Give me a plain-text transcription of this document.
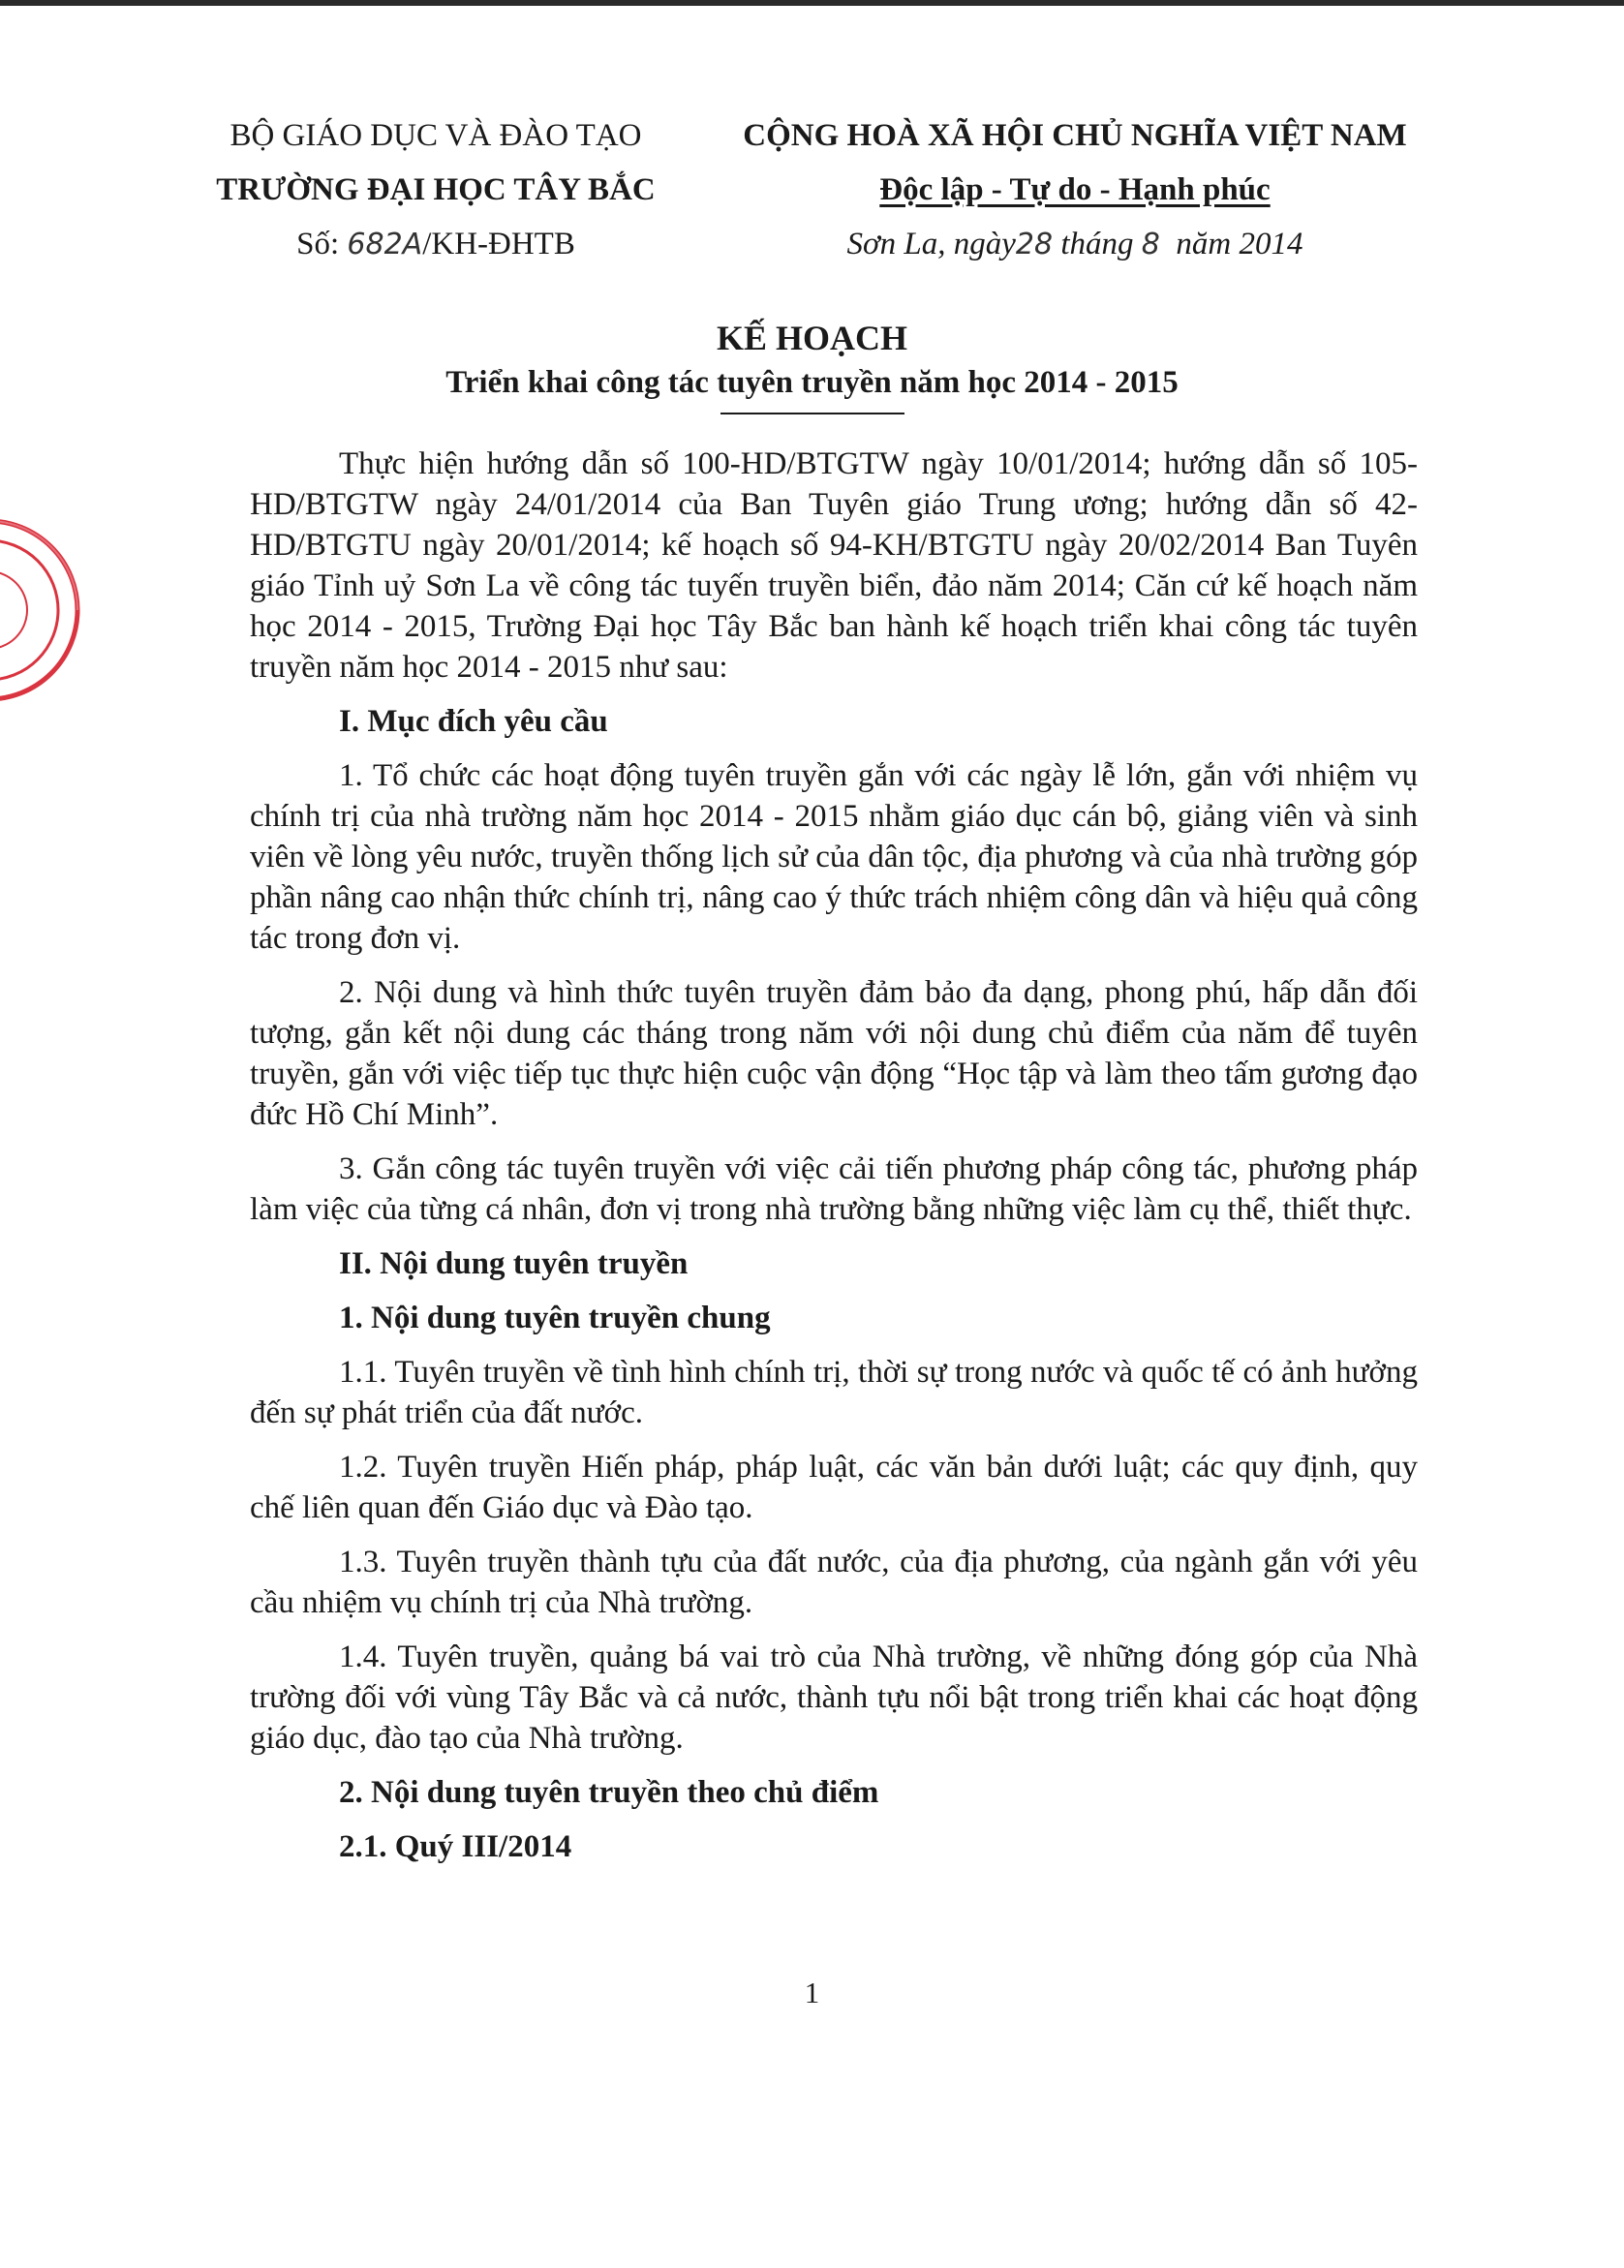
BỘ GIÁO DỤC VÀ ĐÀO TẠO
TRƯỜNG ĐẠI HỌC TÂY BẮC
Số: 682A/KH-ĐHTB
CỘNG HOÀ XÃ HỘI CHỦ NGHĨA VIỆT NAM
Độc lập - Tự do - Hạnh phúc
Sơn La, ngày28 tháng 8 năm 2014
KẾ HOẠCH
Triển khai công tác tuyên truyền năm học 2014 - 2015

Thực hiện hướng dẫn số 100-HD/BTGTW ngày 10/01/2014; hướng dẫn số 105-HD/BTGTW ngày 24/01/2014 của Ban Tuyên giáo Trung ương; hướng dẫn số 42-HD/BTGTU ngày 20/01/2014; kế hoạch số 94-KH/BTGTU ngày 20/02/2014 Ban Tuyên giáo Tỉnh uỷ Sơn La về công tác tuyến truyền biển, đảo năm 2014; Căn cứ kế hoạch năm học 2014 - 2015, Trường Đại học Tây Bắc ban hành kế hoạch triển khai công tác tuyên truyền năm học 2014 - 2015 như sau:

I. Mục đích yêu cầu

1. Tổ chức các hoạt động tuyên truyền gắn với các ngày lễ lớn, gắn với nhiệm vụ chính trị của nhà trường năm học 2014 - 2015 nhằm giáo dục cán bộ, giảng viên và sinh viên về lòng yêu nước, truyền thống lịch sử của dân tộc, địa phương và của nhà trường góp phần nâng cao nhận thức chính trị, nâng cao ý thức trách nhiệm công dân và hiệu quả công tác trong đơn vị.

2. Nội dung và hình thức tuyên truyền đảm bảo đa dạng, phong phú, hấp dẫn đối tượng, gắn kết nội dung các tháng trong năm với nội dung chủ điểm của năm để tuyên truyền, gắn với việc tiếp tục thực hiện cuộc vận động “Học tập và làm theo tấm gương đạo đức Hồ Chí Minh”.

3. Gắn công tác tuyên truyền với việc cải tiến phương pháp công tác, phương pháp làm việc của từng cá nhân, đơn vị trong nhà trường bằng những việc làm cụ thể, thiết thực.

II. Nội dung tuyên truyền
1. Nội dung tuyên truyền chung

1.1. Tuyên truyền về tình hình chính trị, thời sự trong nước và quốc tế có ảnh hưởng đến sự phát triển của đất nước.

1.2. Tuyên truyền Hiến pháp, pháp luật, các văn bản dưới luật; các quy định, quy chế liên quan đến Giáo dục và Đào tạo.

1.3. Tuyên truyền thành tựu của đất nước, của địa phương, của ngành gắn với yêu cầu nhiệm vụ chính trị của Nhà trường.

1.4. Tuyên truyền, quảng bá vai trò của Nhà trường, về những đóng góp của Nhà trường đối với vùng Tây Bắc và cả nước, thành tựu nổi bật trong triển khai các hoạt động giáo dục, đào tạo của Nhà trường.

2. Nội dung tuyên truyền theo chủ điểm
2.1. Quý III/2014
1
